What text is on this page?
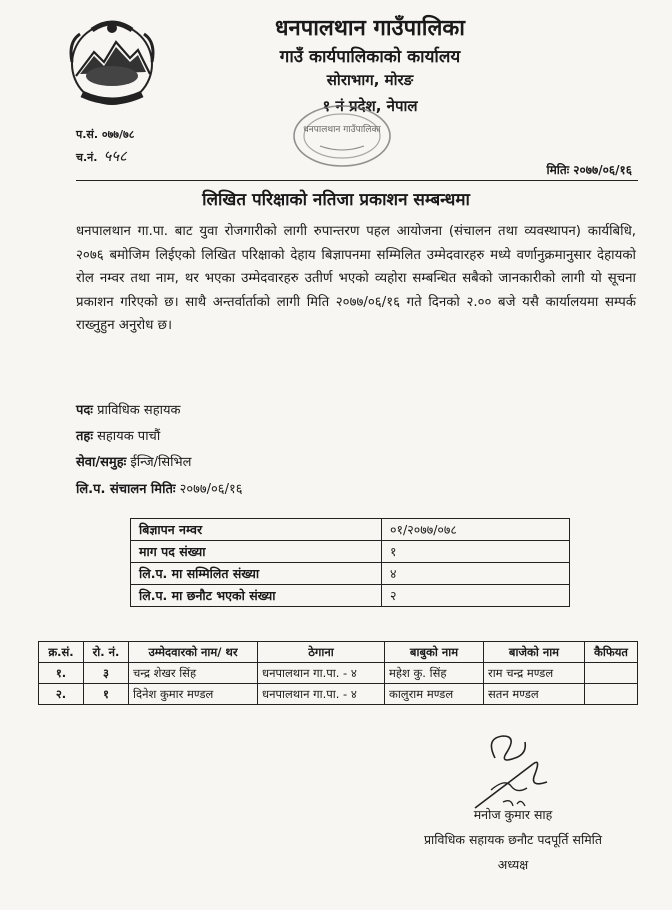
धनपालथान गाउँपालिका
गाउँ कार्यपालिकाको कार्यालय
सोराभाग, मोरङ
१ नं प्रदेश, नेपाल
धनपालथान गाउँपालिका
प.सं. ०७७/७८
च.नं. ५५८
मितिः २०७७/०६/१६
लिखित परिक्षाको नतिजा प्रकाशन सम्बन्धमा
धनपालथान गा.पा. बाट युवा रोजगारीको लागी रुपान्तरण पहल आयोजना (संचालन तथा व्यवस्थापन) कार्यबिधि, २०७६ बमोजिम लिईएको लिखित परिक्षाको देहाय बिज्ञापनमा सम्मिलित उम्मेदवारहरु मध्ये वर्णानुक्रमानुसार देहायको रोल नम्वर तथा नाम, थर भएका उम्मेदवारहरु उतीर्ण भएको व्यहोरा सम्बन्धित सबैको जानकारीको लागी यो सूचना प्रकाशन गरिएको छ। साथै अन्तर्वार्ताको लागी मिति २०७७/०६/१६ गते दिनको २.०० बजे यसै कार्यालयमा सम्पर्क राख्नुहुन अनुरोध छ।
पदः प्राविधिक सहायक
तहः सहायक पाचौं
सेवा/समुहः ईन्जि/सिभिल
लि.प. संचालन मितिः २०७७/०६/१६
बिज्ञापन नम्वर	०१/२०७७/०७८
माग पद संख्या	१
लि.प. मा सम्मिलित संख्या	४
लि.प. मा छनौट भएको संख्या	२
क्र.सं.	रो. नं.	उम्मेदवारको नाम/ थर	ठेगाना	बाबुको नाम	बाजेको नाम	कैफियत
१.	३	चन्द्र शेखर सिंह	धनपालथान गा.पा. - ४	महेश कु. सिंह	राम चन्द्र मण्डल	
२.	१	दिनेश कुमार मण्डल	धनपालथान गा.पा. - ४	कालुराम मण्डल	सतन मण्डल	
मनोज कुमार साह
प्राविधिक सहायक छनौट पदपूर्ति समिति
अध्यक्ष
